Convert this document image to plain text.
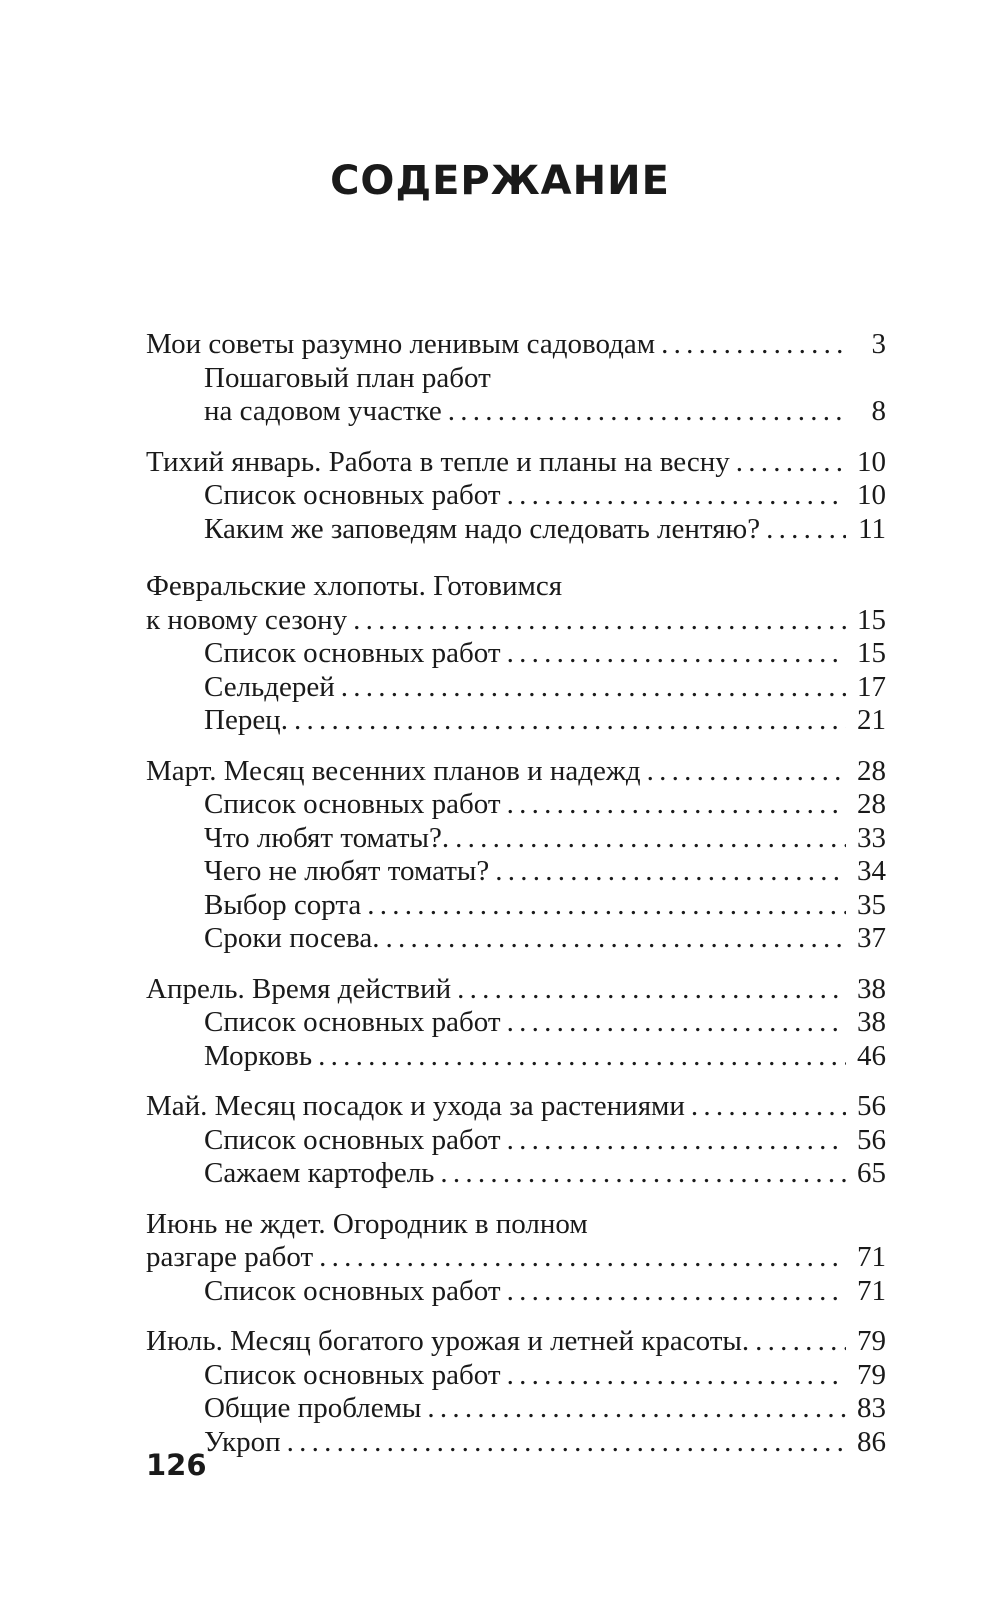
СОДЕРЖАНИЕ
Мои советы разумно ленивым садоводам . . .	3
Пошаговый план работ
на садовом участке . . .	8
Тихий январь. Работа в тепле и планы на весну . . .	10
Список основных работ . . .	10
Каким же заповедям надо следовать лентяю? . . .	11
Февральские хлопоты. Готовимся
к новому сезону . . .	15
Список основных работ . . .	15
Сельдерей . . .	17
Перец. . . .	21
Март. Месяц весенних планов и надежд . . .	28
Список основных работ . . .	28
Что любят томаты?. . . .	33
Чего не любят томаты? . . .	34
Выбор сорта . . .	35
Сроки посева. . . .	37
Апрель. Время действий . . .	38
Список основных работ . . .	38
Морковь . . .	46
Май. Месяц посадок и ухода за растениями . . .	56
Список основных работ . . .	56
Сажаем картофель . . .	65
Июнь не ждет. Огородник в полном
разгаре работ . . .	71
Список основных работ . . .	71
Июль. Месяц богатого урожая и летней красоты. . . .	79
Список основных работ . . .	79
Общие проблемы . . .	83
Укроп . . .	86
126
